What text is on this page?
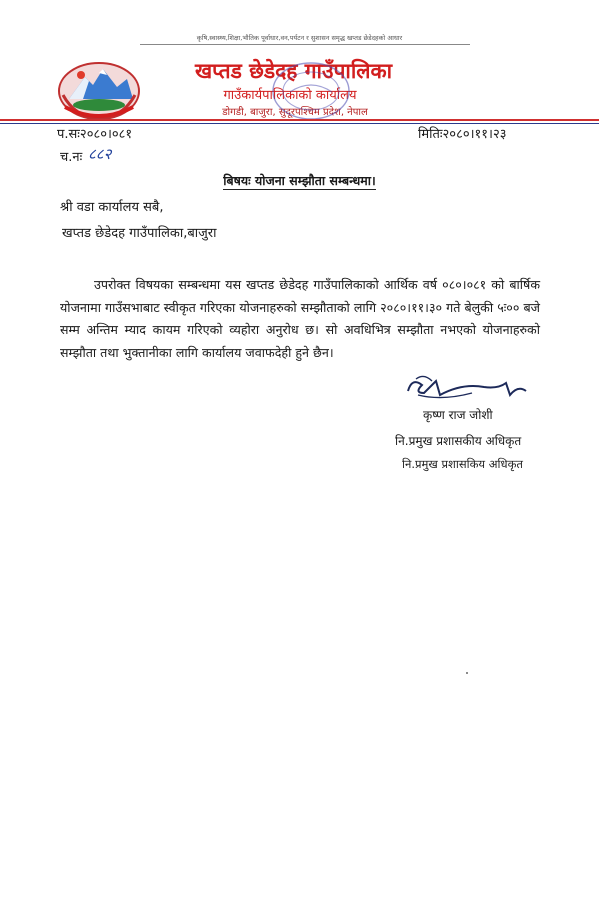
कृषि,स्वास्थ्य,शिक्षा,भौतिक पूर्वाधार,वन,पर्यटन र सुशासन समृद्ध खप्तड छेडेदहको आधार
खप्तड छेडेदह गाउँपालिका
गाउँकार्यपालिकाको कार्यालय
डोगडी, बाजुरा, सुदूरपश्चिम प्रदेश, नेपाल
प.सः२०८०।०८१
च.नः ८८२
मितिः२०८०।११।२३
बिषयः योजना सम्झौता सम्बन्धमा।
श्री वडा कार्यालय सबै,
खप्तड छेडेदह गाउँपालिका,बाजुरा
उपरोक्त विषयका सम्बन्धमा यस खप्तड छेडेदह गाउँपालिकाको आर्थिक वर्ष ०८०।०८१ को बार्षिक योजनामा गाउँसभाबाट स्वीकृत गरिएका योजनाहरुको सम्झौताको लागि २०८०।११।३० गते बेलुकी ५ः०० बजे सम्म अन्तिम म्याद कायम गरिएको व्यहोरा अनुरोध छ। सो अवधिभित्र सम्झौता नभएको योजनाहरुको सम्झौता तथा भुक्तानीका लागि कार्यालय जवाफदेही हुने छैन।
कृष्ण राज जोशी
नि.प्रमुख प्रशासकीय अधिकृत
नि.प्रमुख प्रशासकिय अधिकृत
